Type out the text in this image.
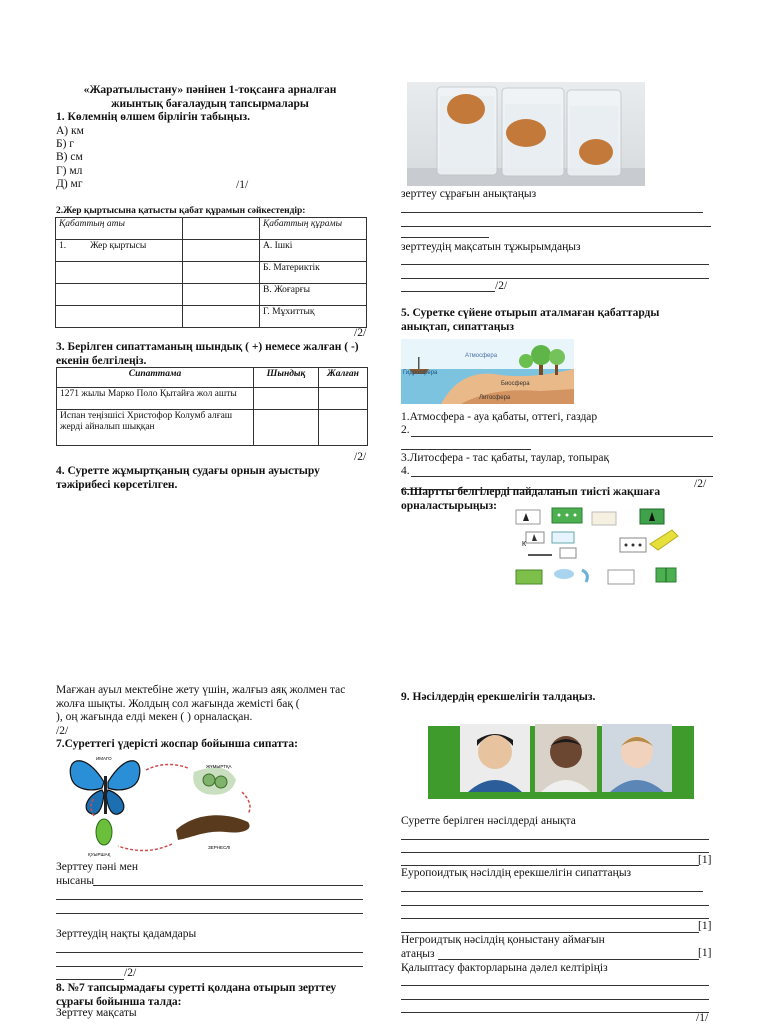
«Жаратылыстану» пәнінен 1-тоқсанға арналған
жиынтық бағалаудың тапсырмалары
1. Көлемнің өлшем бірлігін табыңыз.
А) км
Б) г
В) см
Г) мл
Д) мг	/1/
2.Жер қыртысына қатысты қабат құрамын сәйкестендір:
Қабаттың аты		Қабаттың құрамы
1. Жер қыртысы		А. Ішкі
		Б. Материктік
		В. Жоғарғы
		Г. Мұхиттық
/2/
3. Берілген сипаттаманың шындық ( +) немесе жалған ( -)
екенін белгілеңіз.
Сипаттама	Шындық	Жалған
1271 жылы Марко Поло Қытайға жол ашты		
Испан теңізшісі Христофор Колумб алғаш жерді айналып шыққан		
/2/
4. Суретте жұмыртқаның судағы орнын ауыстыру
тәжірибесі көрсетілген.
Мағжан ауыл мектебіне жету үшін, жалғыз аяқ жолмен тас
жолға шықты. Жолдың сол жағында жемісті бақ (
), оң жағында елді мекен ( ) орналасқан.
/2/
7.Суреттегі үдерісті жоспар бойынша сипатта:
ИМАГО
ЖҰМЫРТҚА
ЗЕРНЕСЛІ
ҚУЫРШАҚ
Зерттеу пәні мен
нысаны
Зерттеудің нақты қадамдары
/2/
8. №7 тапсырмадағы суретті қолдана отырып зерттеу
сұрағы бойынша талда:
Зерттеу мақсаты
зерттеу сұрағын анықтаңыз
зерттеудің мақсатын тұжырымдаңыз
/2/
5. Суретке сүйене отырып аталмаған қабаттарды
анықтап, сипаттаңыз
Атмосфера
Гидросфера
Биосфера
Литосфера
1.Атмосфера - ауа қабаты, оттегі, газдар
2.
3.Литосфера - тас қабаты, таулар, топырақ
4.
/2/
6.Шартты белгілерді пайдаланып тиісті жақшаға
орналастырыңыз:
К
9. Нәсілдердің ерекшелігін талдаңыз.
Суретте берілген нәсілдерді анықта
[1]
Еуропоидтық нәсілдің ерекшелігін сипаттаңыз
[1]
Негроидтық нәсілдің қоныстану аймағын
атаңыз	[1]
Қалыптасу факторларына дәлел келтіріңіз
/1/
